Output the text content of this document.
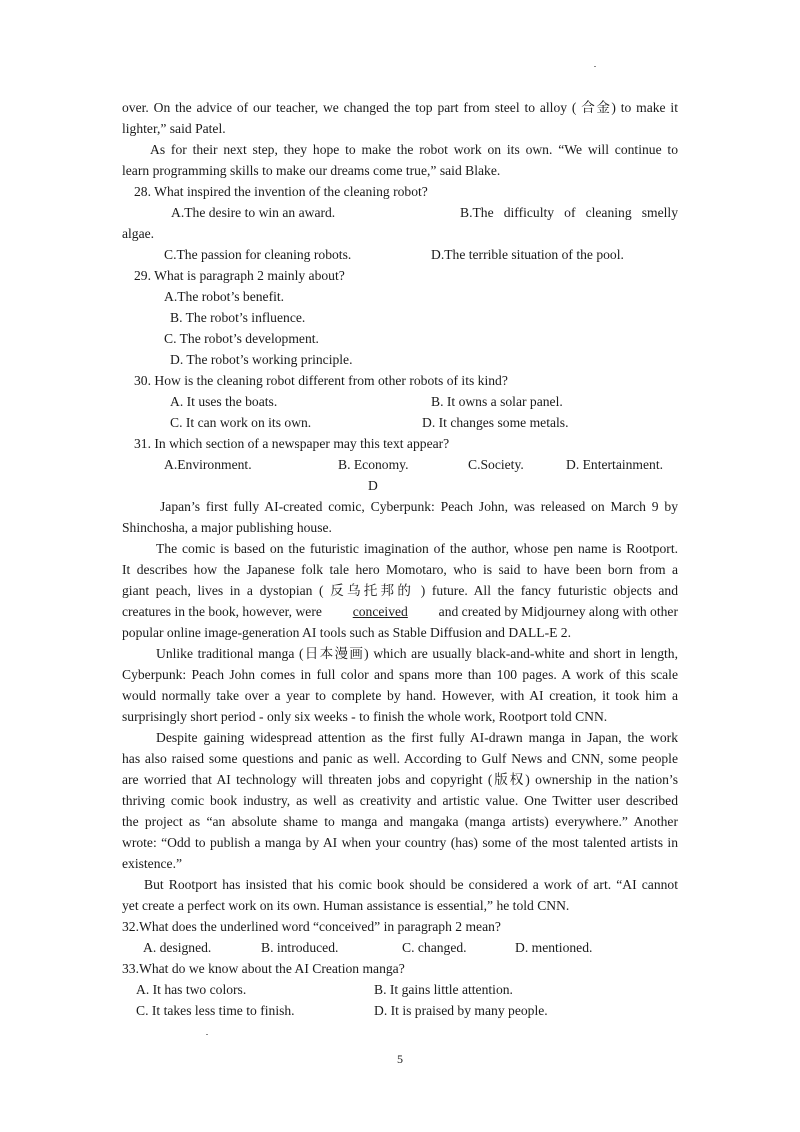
over. On the advice of our teacher, we changed the top part from steel to alloy ( 合金) to make it
lighter,” said Patel.
As for their next step, they hope to make the robot work on its own. “We will continue to
learn programming skills to make our dreams come true,” said Blake.
28. What inspired the invention of the cleaning robot?
A.The desire to win an award.	B.The difficulty of cleaning smelly
algae.
C.The passion for cleaning robots.	D.The terrible situation of the pool.
29. What is paragraph 2 mainly about?
A.The robot’s benefit.
B. The robot’s influence.
C. The robot’s development.
D. The robot’s working principle.
30. How is the cleaning robot different from other robots of its kind?
A. It uses the boats.	B. It owns a solar panel.
C. It can work on its own.	D. It changes some metals.
31. In which section of a newspaper may this text appear?
A.Environment.	B. Economy.	C.Society.	D. Entertainment.
D
Japan’s first fully AI-created comic, Cyberpunk: Peach John, was released on March 9 by
Shinchosha, a major publishing house.
The comic is based on the futuristic imagination of the author, whose pen name is Rootport.
It describes how the Japanese folk tale hero Momotaro, who is said to have been born from a
giant peach, lives in a dystopian ( 反乌托邦的 ) future. All the fancy futuristic objects and
creatures in the book, however, were conceived and created by Midjourney along with other
popular online image-generation AI tools such as Stable Diffusion and DALL-E 2.
Unlike traditional manga (日本漫画) which are usually black-and-white and short in length,
Cyberpunk: Peach John comes in full color and spans more than 100 pages. A work of this scale
would normally take over a year to complete by hand. However, with AI creation, it took him a
surprisingly short period - only six weeks - to finish the whole work, Rootport told CNN.
Despite gaining widespread attention as the first fully AI-drawn manga in Japan, the work
has also raised some questions and panic as well. According to Gulf News and CNN, some people
are worried that AI technology will threaten jobs and copyright (版权) ownership in the nation’s
thriving comic book industry, as well as creativity and artistic value. One Twitter user described
the project as “an absolute shame to manga and mangaka (manga artists) everywhere.” Another
wrote: “Odd to publish a manga by AI when your country (has) some of the most talented artists in
existence.”
But Rootport has insisted that his comic book should be considered a work of art. “AI cannot
yet create a perfect work on its own. Human assistance is essential,” he told CNN.
32.What does the underlined word “conceived” in paragraph 2 mean?
A. designed.	B. introduced.	C. changed.	D. mentioned.
33.What do we know about the AI Creation manga?
A. It has two colors.	B. It gains little attention.
C. It takes less time to finish.	D. It is praised by many people.
5
